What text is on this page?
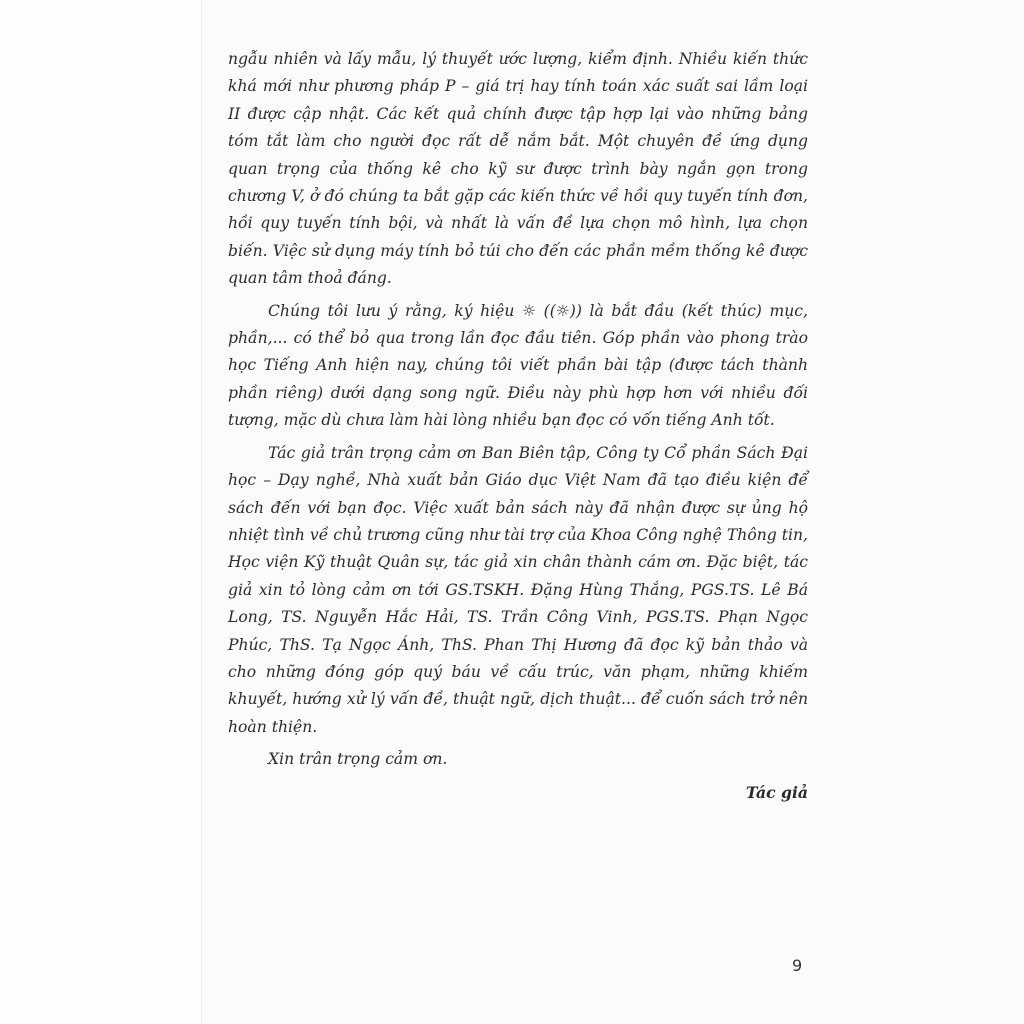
ngẫu nhiên và lấy mẫu, lý thuyết ước lượng, kiểm định. Nhiều kiến thức khá mới như phương pháp P – giá trị hay tính toán xác suất sai lầm loại II được cập nhật. Các kết quả chính được tập hợp lại vào những bảng tóm tắt làm cho người đọc rất dễ nắm bắt. Một chuyên đề ứng dụng quan trọng của thống kê cho kỹ sư được trình bày ngắn gọn trong chương V, ở đó chúng ta bắt gặp các kiến thức về hồi quy tuyến tính đơn, hồi quy tuyến tính bội, và nhất là vấn đề lựa chọn mô hình, lựa chọn biến. Việc sử dụng máy tính bỏ túi cho đến các phần mềm thống kê được quan tâm thoả đáng.

Chúng tôi lưu ý rằng, ký hiệu ☼ ((☼)) là bắt đầu (kết thúc) mục, phần,... có thể bỏ qua trong lần đọc đầu tiên. Góp phần vào phong trào học Tiếng Anh hiện nay, chúng tôi viết phần bài tập (được tách thành phần riêng) dưới dạng song ngữ. Điều này phù hợp hơn với nhiều đối tượng, mặc dù chưa làm hài lòng nhiều bạn đọc có vốn tiếng Anh tốt.

Tác giả trân trọng cảm ơn Ban Biên tập, Công ty Cổ phần Sách Đại học – Dạy nghề, Nhà xuất bản Giáo dục Việt Nam đã tạo điều kiện để sách đến với bạn đọc. Việc xuất bản sách này đã nhận được sự ủng hộ nhiệt tình về chủ trương cũng như tài trợ của Khoa Công nghệ Thông tin, Học viện Kỹ thuật Quân sự, tác giả xin chân thành cám ơn. Đặc biệt, tác giả xin tỏ lòng cảm ơn tới GS.TSKH. Đặng Hùng Thắng, PGS.TS. Lê Bá Long, TS. Nguyễn Hắc Hải, TS. Trần Công Vinh, PGS.TS. Phạn Ngọc Phúc, ThS. Tạ Ngọc Ánh, ThS. Phan Thị Hương đã đọc kỹ bản thảo và cho những đóng góp quý báu về cấu trúc, văn phạm, những khiếm khuyết, hướng xử lý vấn đề, thuật ngữ, dịch thuật... để cuốn sách trở nên hoàn thiện.

Xin trân trọng cảm ơn.

Tác giả

9
